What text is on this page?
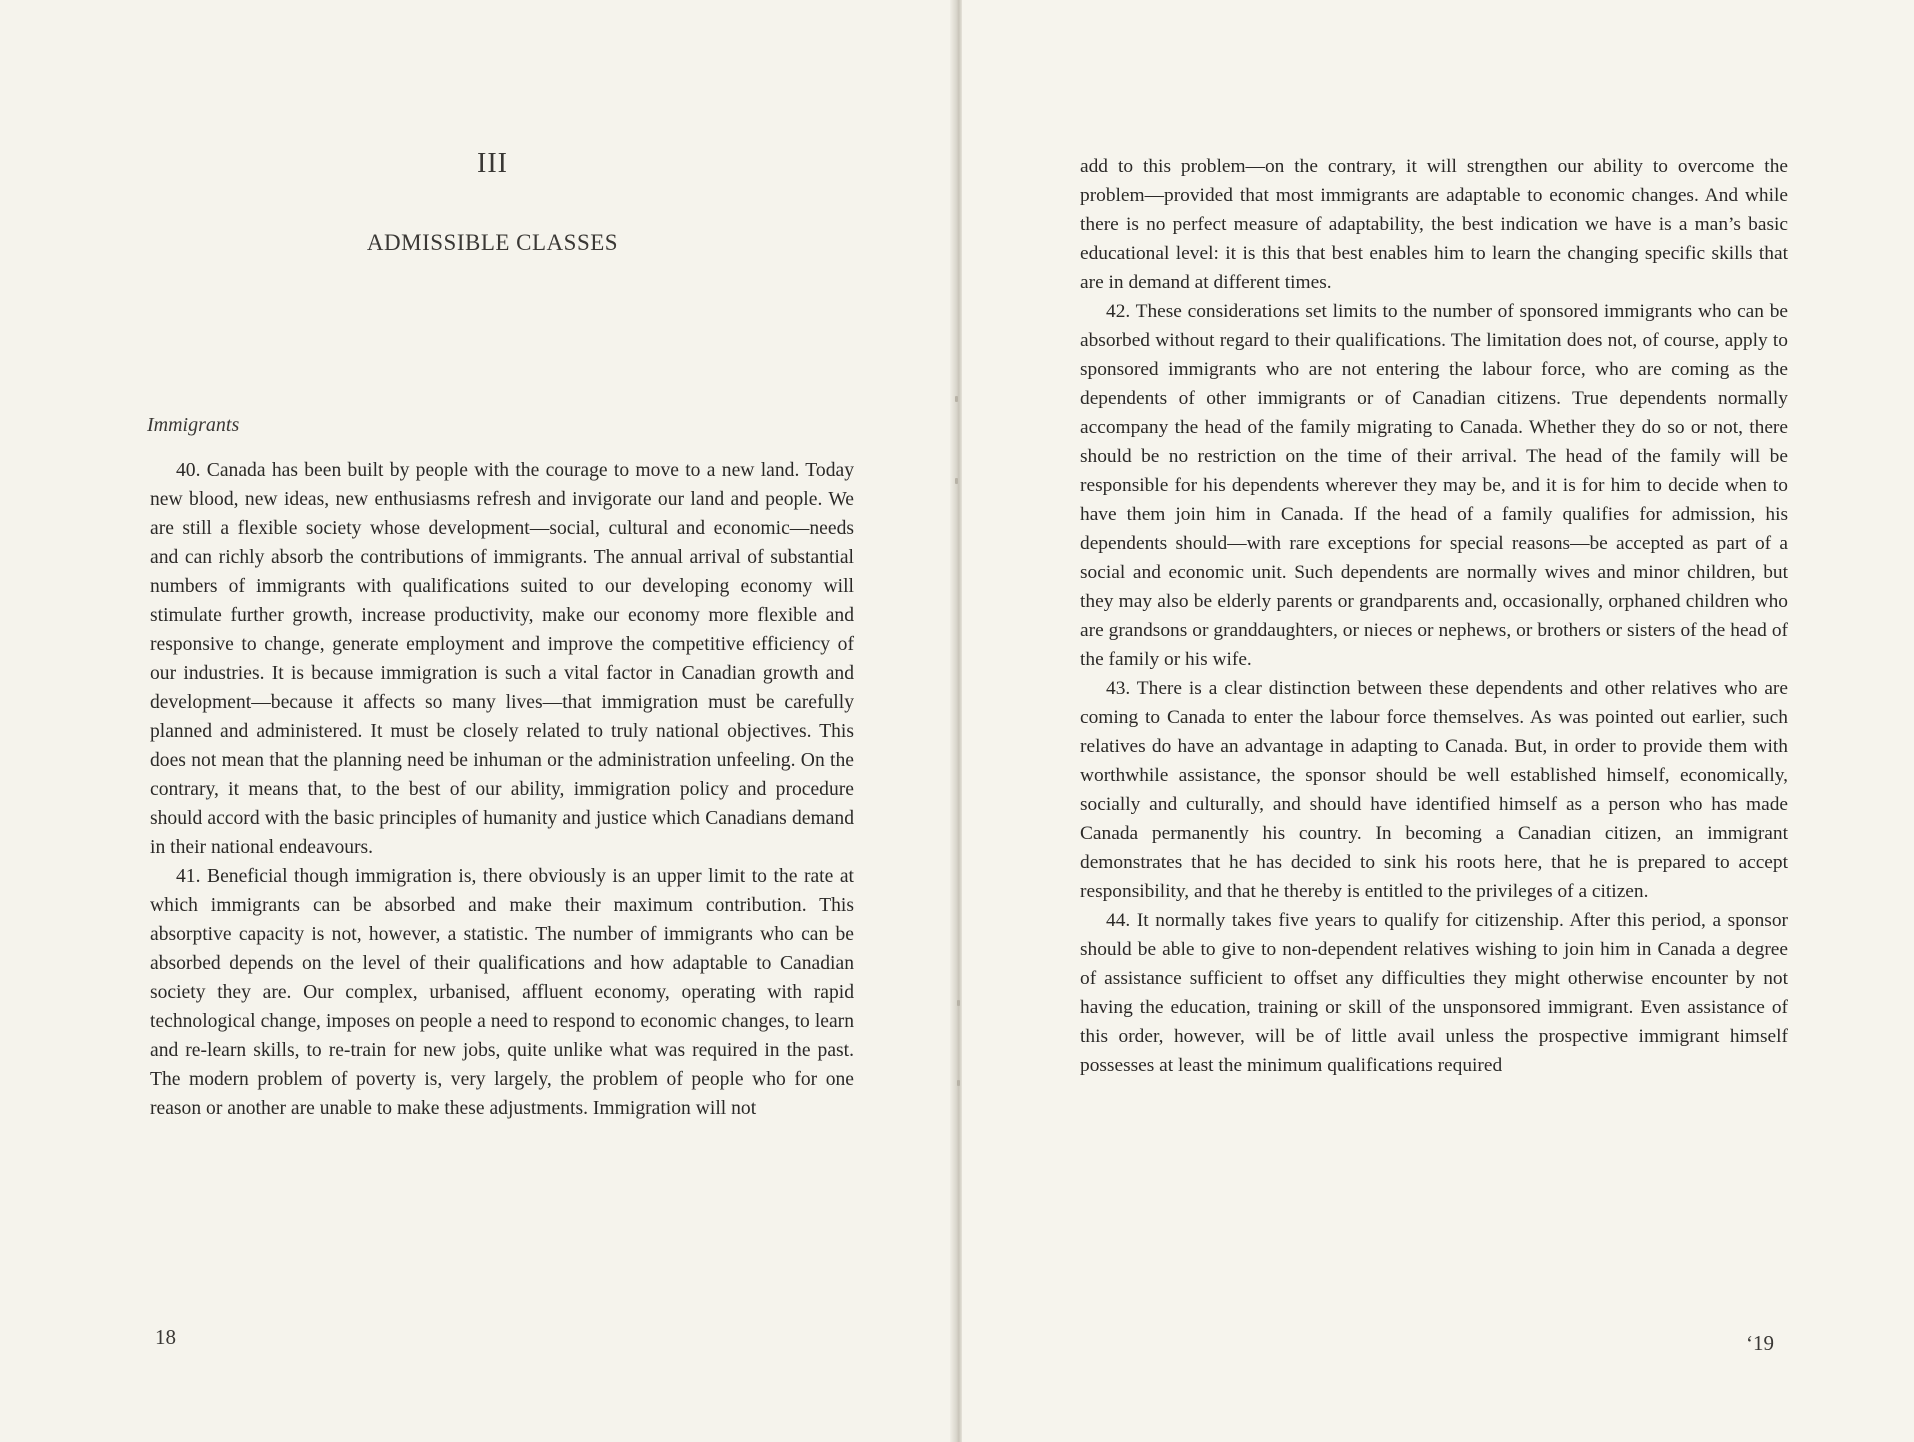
III
ADMISSIBLE CLASSES
Immigrants

40. Canada has been built by people with the courage to move to a new land. Today new blood, new ideas, new enthusiasms refresh and invigorate our land and people. We are still a flexible society whose development—social, cultural and economic—needs and can richly absorb the contributions of immigrants. The annual arrival of substantial numbers of immigrants with qualifications suited to our developing economy will stimulate further growth, increase productivity, make our economy more flexible and responsive to change, generate employment and improve the competitive efficiency of our industries. It is because immigration is such a vital factor in Canadian growth and development—because it affects so many lives—that immigration must be carefully planned and administered. It must be closely related to truly national objectives. This does not mean that the planning need be inhuman or the administration unfeeling. On the contrary, it means that, to the best of our ability, immigration policy and procedure should accord with the basic principles of humanity and justice which Canadians demand in their national endeavours.

41. Beneficial though immigration is, there obviously is an upper limit to the rate at which immigrants can be absorbed and make their maximum contribution. This absorptive capacity is not, however, a statistic. The number of immigrants who can be absorbed depends on the level of their qualifications and how adaptable to Canadian society they are. Our complex, urbanised, affluent economy, operating with rapid technological change, imposes on people a need to respond to economic changes, to learn and re-learn skills, to re-train for new jobs, quite unlike what was required in the past. The modern problem of poverty is, very largely, the problem of people who for one reason or another are unable to make these adjustments. Immigration will not

18

add to this problem—on the contrary, it will strengthen our ability to overcome the problem—provided that most immigrants are adaptable to economic changes. And while there is no perfect measure of adaptability, the best indication we have is a man’s basic educational level: it is this that best enables him to learn the changing specific skills that are in demand at different times.

42. These considerations set limits to the number of sponsored immigrants who can be absorbed without regard to their qualifications. The limitation does not, of course, apply to sponsored immigrants who are not entering the labour force, who are coming as the dependents of other immigrants or of Canadian citizens. True dependents normally accompany the head of the family migrating to Canada. Whether they do so or not, there should be no restriction on the time of their arrival. The head of the family will be responsible for his dependents wherever they may be, and it is for him to decide when to have them join him in Canada. If the head of a family qualifies for admission, his dependents should—with rare exceptions for special reasons—be accepted as part of a social and economic unit. Such dependents are normally wives and minor children, but they may also be elderly parents or grandparents and, occasionally, orphaned children who are grandsons or granddaughters, or nieces or nephews, or brothers or sisters of the head of the family or his wife.

43. There is a clear distinction between these dependents and other relatives who are coming to Canada to enter the labour force themselves. As was pointed out earlier, such relatives do have an advantage in adapting to Canada. But, in order to provide them with worthwhile assistance, the sponsor should be well established himself, economically, socially and culturally, and should have identified himself as a person who has made Canada permanently his country. In becoming a Canadian citizen, an immigrant demonstrates that he has decided to sink his roots here, that he is prepared to accept responsibility, and that he thereby is entitled to the privileges of a citizen.

44. It normally takes five years to qualify for citizenship. After this period, a sponsor should be able to give to non-dependent relatives wishing to join him in Canada a degree of assistance sufficient to offset any difficulties they might otherwise encounter by not having the education, training or skill of the unsponsored immigrant. Even assistance of this order, however, will be of little avail unless the prospective immigrant himself possesses at least the minimum qualifications required

ʻ19
